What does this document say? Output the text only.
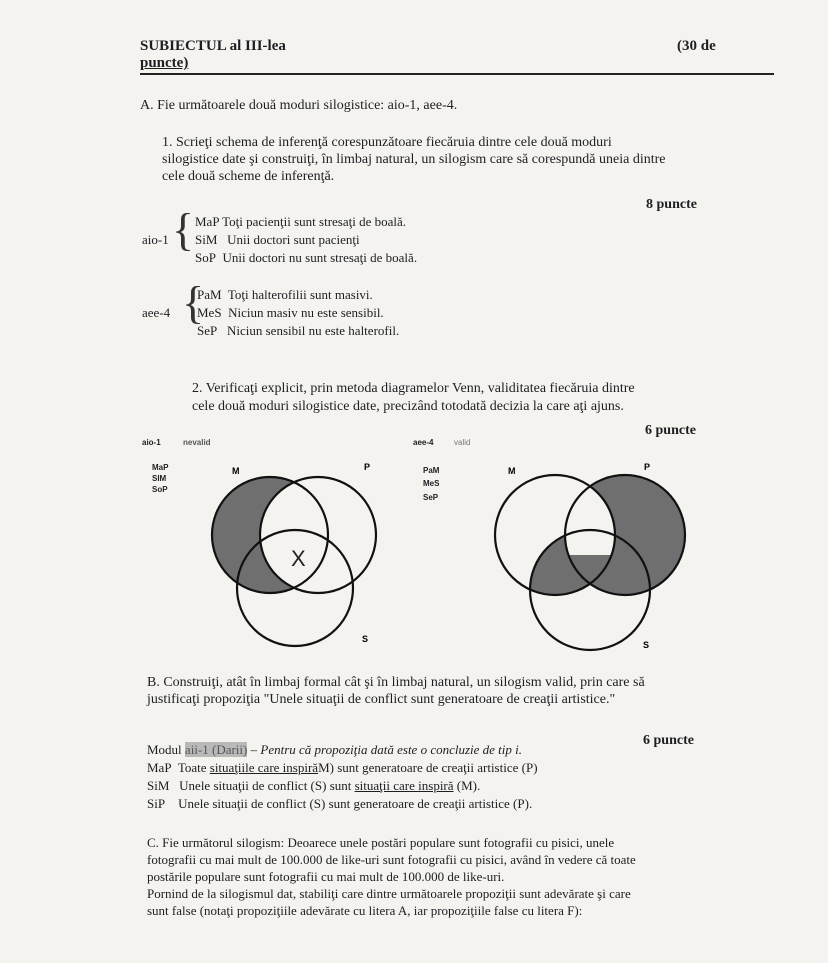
SUBIECTUL al III-lea
puncte)
(30 de
A. Fie următoarele două moduri silogistice: aio-1, aee-4.
1. Scrieţi schema de inferenţă corespunzătoare fiecăruia dintre cele două moduri
silogistice date şi construiţi, în limbaj natural, un silogism care să corespundă uneia dintre
cele două scheme de inferenţă.
8 puncte
aio-1 { MaP Toţi pacienţii sunt stresaţi de boală.
SiM Unii doctori sunt pacienţi
SoP Unii doctori nu sunt stresaţi de boală.
aee-4 {
PaM Toţi halterofilii sunt masivi.
MeS Niciun masiv nu este sensibil.
SeP Niciun sensibil nu este halterofil.
2. Verificaţi explicit, prin metoda diagramelor Venn, validitatea fiecăruia dintre
cele două moduri silogistice date, precizând totodată decizia la care aţi ajuns.
6 puncte
aio-1	nevalid
MaP
SIM
SoP
M	P
S
X
aee-4	valid
PaM
MeS
SeP
M	P
S
B. Construiţi, atât în limbaj formal cât şi în limbaj natural, un silogism valid, prin care să
justificaţi propoziţia "Unele situaţii de conflict sunt generatoare de creaţii artistice."
6 puncte
Modul aii-1 (Darii) – Pentru că propoziţia dată este o concluzie de tip i.
MaP Toate situaţiile care inspirăM) sunt generatoare de creaţii artistice (P)
SiM Unele situaţii de conflict (S) sunt situaţii care inspiră (M).
SiP Unele situaţii de conflict (S) sunt generatoare de creaţii artistice (P).
C. Fie următorul silogism: Deoarece unele postări populare sunt fotografii cu pisici, unele
fotografii cu mai mult de 100.000 de like-uri sunt fotografii cu pisici, având în vedere că toate
postările populare sunt fotografii cu mai mult de 100.000 de like-uri.
Pornind de la silogismul dat, stabiliţi care dintre următoarele propoziţii sunt adevărate şi care
sunt false (notaţi propoziţiile adevărate cu litera A, iar propoziţiile false cu litera F):
